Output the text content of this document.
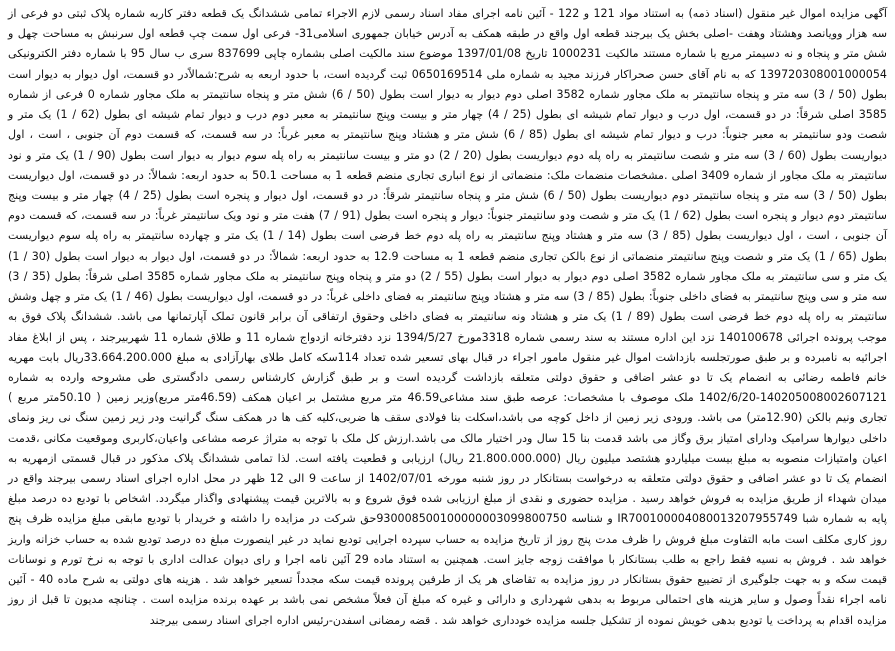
آگهی مزایده اموال غیر منقول (اسناد ذمه) به استناد مواد 121 و 122 - آئین نامه اجرای مفاد اسناد رسمی لازم الاجراء تمامی ششدانگ یک قطعه دفتر کاربه شماره پلاک ثبتی دو فرعی از سه هزار وویانصد وهشتاد وهفت -اصلی بخش یک بیرجند قطعه اول واقع در طبقه همکف به آدرس خیابان جمهوری اسلامی31- فرعی اول سمت چپ قطعه اول سرنبش به مساحت چهل و شش متر و پنجاه و نه دسیمتر مربع با شماره مستند مالکیت 1000231 تاریخ 1397/01/08 موضوع سند مالکیت اصلی بشماره چاپی 837699 سری ب سال 95 با شماره دفتر الکترونیکی 139720308001000054 که به نام آقای حسن صحراکار فرزند مجید به شماره ملی 0650169514 ثبت گردیده است، با حدود اربعه به شرح:شمالاًدر دو قسمت، اول دیوار به دیوار است بطول (50 / 3) سه متر و پنجاه سانتیمتر به ملک مجاور شماره 3582 اصلی دوم دیوار به دیوار است بطول (50 / 6) شش متر و پنجاه سانتیمتر به ملک مجاور شماره 0 فرعی از شماره 3585 اصلی شرقاً: در دو قسمت، اول درب و دیوار تمام شیشه ای بطول (25 / 4) چهار متر و بیست وپنج سانتیمتر به معبر دوم درب و دیوار تمام شیشه ای بطول (62 / 1) یک متر و شصت ودو سانتیمتر به معبر جنوباً: درب و دیوار تمام شیشه ای بطول (85 / 6) شش متر و هشتاد وپنج سانتیمتر به معبر غرباً: در سه قسمت، که قسمت دوم آن جنوبی ، است ، اول دیواریست بطول (60 / 3) سه متر و شصت سانتیمتر به راه پله دوم دیواریست بطول (20 / 2) دو متر و بیست سانتیمتر به راه پله سوم دیوار به دیوار است بطول (90 / 1) یک متر و نود سانتیمتر به ملک مجاور از شماره 3409 اصلی .مشخصات منضمات ملک: منضماتی از نوع انباری تجاری منضم قطعه 1 به مساحت 50.1 به حدود اربعه: شمالاً: در دو قسمت، اول دیواریست بطول (50 / 3) سه متر و پنجاه سانتیمتر دوم دیواریست بطول (50 / 6) شش متر و پنجاه سانتیمتر شرقاً: در دو قسمت، اول دیوار و پنجره است بطول (25 / 4) چهار متر و بیست وپنج سانتیمتر دوم دیوار و پنجره است بطول (62 / 1) یک متر و شصت ودو سانتیمتر جنوباً: دیوار و پنجره است بطول (91 / 7) هفت متر و نود ویک سانتیمتر غرباً: در سه قسمت، که قسمت دوم آن جنوبی ، است ، اول دیواریست بطول (85 / 3) سه متر و هشتاد وپنج سانتیمتر به راه پله دوم خط فرضی است بطول (14 / 1) یک متر و چهارده سانتیمتر به راه پله سوم دیواریست بطول (65 / 1) یک متر و شصت وپنج سانتیمتر منضماتی از نوع بالکن تجاری منضم قطعه 1 به مساحت 12.9 به حدود اربعه: شمالاً: در دو قسمت، اول دیوار به دیوار است بطول (30 / 1) یک متر و سی سانتیمتر به ملک مجاور شماره 3582 اصلی دوم دیوار به دیوار است بطول (55 / 2) دو متر و پنجاه وپنج سانتیمتر به ملک مجاور شماره 3585 اصلی شرقاً: بطول (35 / 3) سه متر و سی وپنج سانتیمتر به فضای داخلی جنوباً: بطول (85 / 3) سه متر و هشتاد وپنج سانتیمتر به فضای داخلی غرباً: در دو قسمت، اول دیواریست بطول (46 / 1) یک متر و چهل وشش سانتیمتر به راه پله دوم خط فرضی است بطول (89 / 1) یک متر و هشتاد ونه سانتیمتر به فضای داخلی وحقوق ارتفاقی آن برابر قانون تملک آپارتمانها می باشد. ششدانگ پلاک فوق به موجب پرونده اجرائی 140100678 نزد این اداره مستند به سند رسمی شماره 3318مورخ 1394/5/27 نزد دفترخانه ازدواج شماره 11 و طلاق شماره 11 شهربیرجند ، پس از ابلاغ مفاد اجرائیه به نامبرده و بر طبق صورتجلسه بازداشت اموال غیر منقول مامور اجراء در قبال بهای تسعیر شده تعداد 114سکه کامل طلای بهارآزادی به مبلغ 33.664.200.000ریال بابت مهریه خانم فاطمه رضائی به انضمام یک تا دو عشر اضافی و حقوق دولتی متعلقه بازداشت گردیده است و بر طبق گزارش کارشناس رسمی دادگستری طی مشروحه وارده به شماره 140205008002607121-1402/6/20 ملک موصوف با مشخصات: عرصه طبق سند مشاعی46.59 متر مربع مشتمل بر اعیان همکف (46.59متر مربع)وزیر زمین ( 50.10متر مربع ) تجاری ونیم بالکن (12.90متر) می باشد. ورودی زیر زمین از داخل کوچه می باشد،اسکلت بنا فولادی سقف ها ضربی،کلیه کف ها در همکف سنگ گرانیت ودر زیر زمین سنگ نی ریز ونمای داخلی دیوارها سرامیک ودارای امتیاز برق وگاز می باشد قدمت بنا 15 سال ودر اختیار مالک می باشد.ارزش کل ملک با توجه به متراژ عرصه مشاعی واعیان،کاربری وموقعیت مکانی ،قدمت اعیان وامتیازات منصوبه به مبلغ بیست میلیاردو هشتصد میلیون ریال (21.800.000.000 ریال) ارزیابی و قطعیت یافته است. لذا تمامی ششدانگ پلاک مذکور در قبال قسمتی ازمهریه به انضمام یک تا دو عشر اضافی و حقوق دولتی متعلقه به درخواست بستانکار در روز شنبه مورخه 1402/07/01 از ساعت 9 الی 12 ظهر در محل اداره اجرای اسناد رسمی بیرجند واقع در میدان شهداء از طریق مزایده به فروش خواهد رسید . مزایده حضوری و نقدی از مبلغ ارزیابی شده فوق شروع و به بالاترین قیمت پیشنهادی واگذار میگردد. اشخاص با تودیع ده درصد مبلغ پایه به شماره شبا IR700100004080013207955749 و شناسه 930008500100000003099800750حق شرکت در مزایده را داشته و خریدار با تودیع مابقی مبلغ مزایده ظرف پنج روز کاری مکلف است مابه التفاوت مبلغ فروش را ظرف مدت پنج روز از تاریخ مزایده به حساب سپرده اجرایی تودیع نماید در غیر اینصورت مبلغ ده درصد تودیع شده به حساب خزانه واریز خواهد شد . فروش به نسیه فقط راجع به طلب بستانکار با موافقت زوجه جایز است. همچنین به استناد ماده 29 آئین نامه اجرا و رای دیوان عدالت اداری با توجه به نرخ تورم و نوسانات قیمت سکه و به جهت جلوگیری از تضییع حقوق بستانکار در روز مزایده به تقاضای هر یک از طرفین پرونده قیمت سکه مجدداً تسعیر خواهد شد . هزینه های دولتی به شرح ماده 40 - آئین نامه اجراء نقداً وصول و سایر هزینه های احتمالی مربوط به بدهی شهرداری و دارائی و غیره که مبلغ آن فعلاً مشخص نمی باشد بر عهده برنده مزایده است . چنانچه مدیون تا قبل از روز مزایده اقدام به پرداخت یا تودیع بدهی خویش نموده از تشکیل جلسه مزایده خودداری خواهد شد . قضه رمضانی اسفدن-رئیس اداره اجرای اسناد رسمی بیرجند
